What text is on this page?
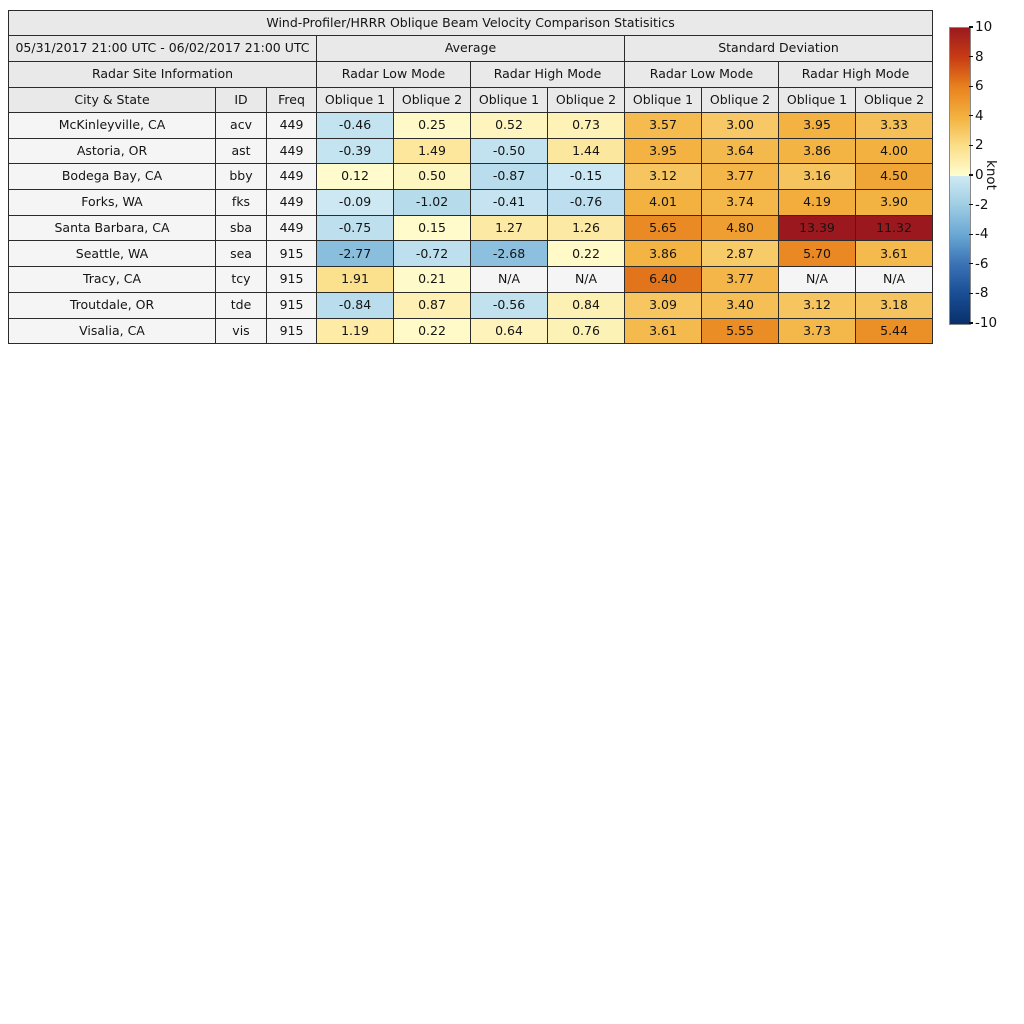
Wind-Profiler/HRRR Oblique Beam Velocity Comparison Statisitics										
05/31/2017 21:00 UTC - 06/02/2017 21:00 UTC			Average				Standard Deviation			
Radar Site Information			Radar Low Mode		Radar High Mode		Radar Low Mode		Radar High Mode	
City & State	ID	Freq	Oblique 1	Oblique 2	Oblique 1	Oblique 2	Oblique 1	Oblique 2	Oblique 1	Oblique 2
McKinleyville, CA	acv	449	-0.46	0.25	0.52	0.73	3.57	3.00	3.95	3.33
Astoria, OR	ast	449	-0.39	1.49	-0.50	1.44	3.95	3.64	3.86	4.00
Bodega Bay, CA	bby	449	0.12	0.50	-0.87	-0.15	3.12	3.77	3.16	4.50
Forks, WA	fks	449	-0.09	-1.02	-0.41	-0.76	4.01	3.74	4.19	3.90
Santa Barbara, CA	sba	449	-0.75	0.15	1.27	1.26	5.65	4.80	13.39	11.32
Seattle, WA	sea	915	-2.77	-0.72	-2.68	0.22	3.86	2.87	5.70	3.61
Tracy, CA	tcy	915	1.91	0.21	N/A	N/A	6.40	3.77	N/A	N/A
Troutdale, OR	tde	915	-0.84	0.87	-0.56	0.84	3.09	3.40	3.12	3.18
Visalia, CA	vis	915	1.19	0.22	0.64	0.76	3.61	5.55	3.73	5.44
10
8
6
4
2
0
-2
-4
-6
-8
-10
knot
